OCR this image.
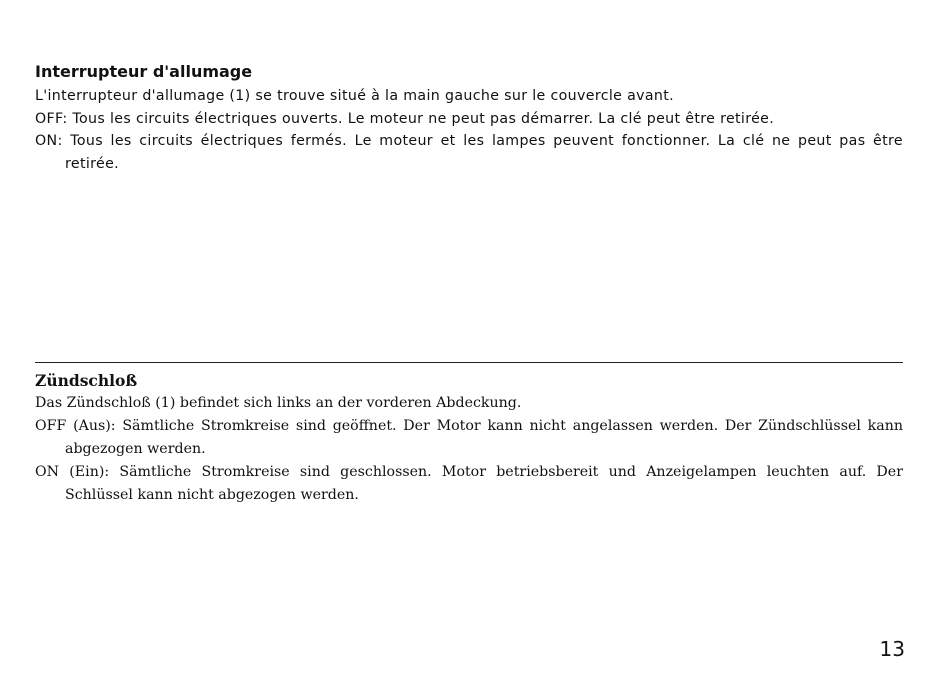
Interrupteur d'allumage

L'interrupteur d'allumage (1) se trouve situé à la main gauche sur le couvercle avant.

OFF: Tous les circuits électriques ouverts. Le moteur ne peut pas démarrer. La clé peut être retirée.

ON: Tous les circuits électriques fermés. Le moteur et les lampes peuvent fonctionner. La clé ne peut pas être retirée.

Zündschloß

Das Zündschloß (1) befindet sich links an der vorderen Abdeckung.

OFF (Aus): Sämtliche Stromkreise sind geöffnet. Der Motor kann nicht angelassen werden. Der Zündschlüssel kann abgezogen werden.

ON (Ein): Sämtliche Stromkreise sind geschlossen. Motor betriebsbereit und Anzeigelampen leuchten auf. Der Schlüssel kann nicht abgezogen werden.

13
